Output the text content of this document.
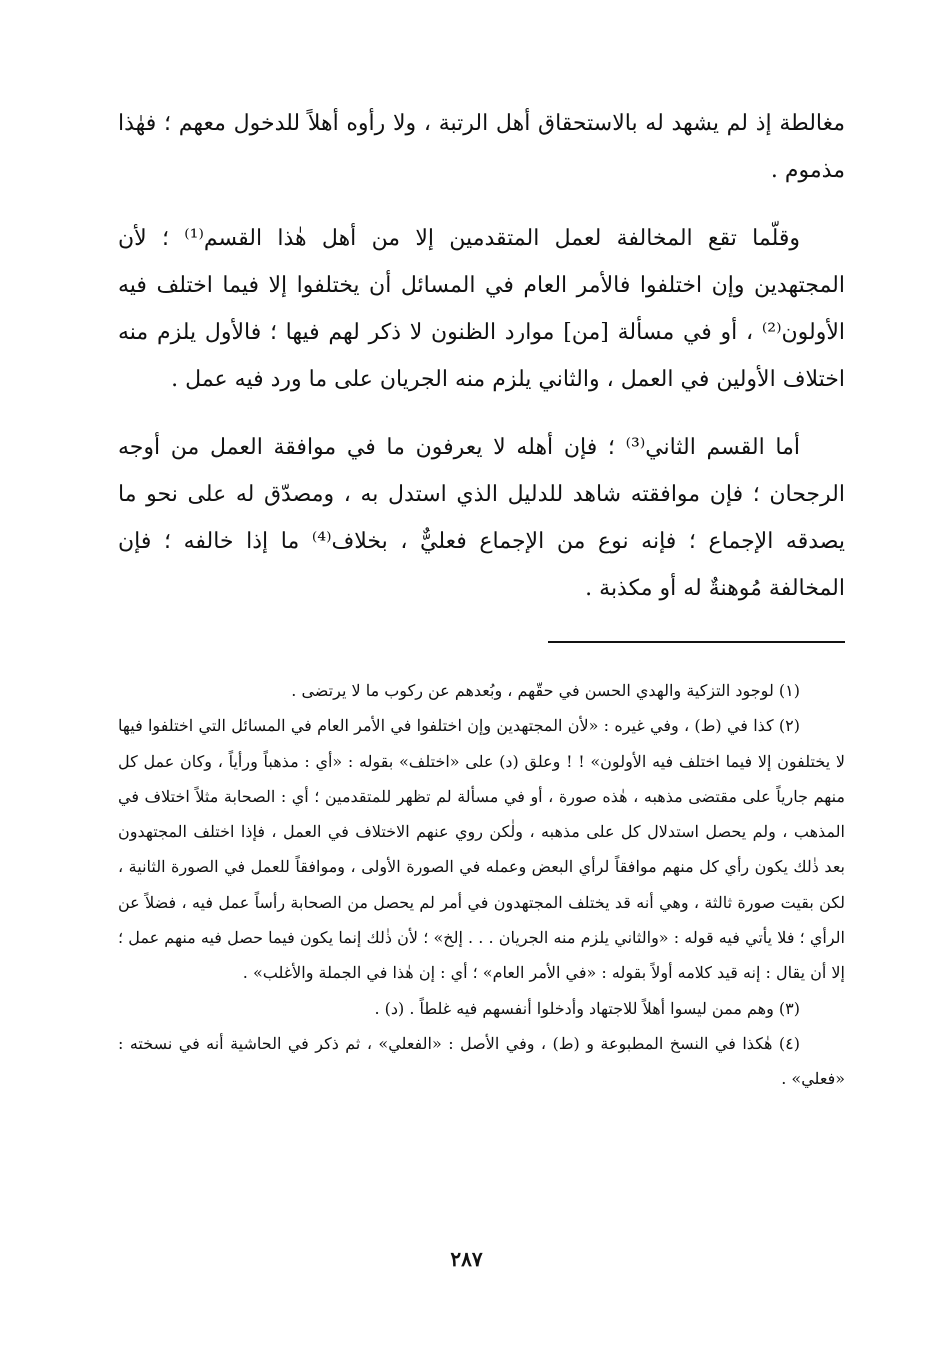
مغالطة إذ لم يشهد له بالاستحقاق أهل الرتبة ، ولا رأوه أهلاً للدخول معهم ؛ فهٰذا مذموم .

وقلّما تقع المخالفة لعمل المتقدمين إلا من أهل هٰذا القسم⁽¹⁾ ؛ لأن المجتهدين وإن اختلفوا فالأمر العام في المسائل أن يختلفوا إلا فيما اختلف فيه الأولون⁽²⁾ ، أو في مسألة [من] موارد الظنون لا ذكر لهم فيها ؛ فالأول يلزم منه اختلاف الأولين في العمل ، والثاني يلزم منه الجريان على ما ورد فيه عمل .

أما القسم الثاني⁽³⁾ ؛ فإن أهله لا يعرفون ما في موافقة العمل من أوجه الرجحان ؛ فإن موافقته شاهد للدليل الذي استدل به ، ومصدّق له على نحو ما يصدقه الإجماع ؛ فإنه نوع من الإجماع فعليٌّ ، بخلاف⁽⁴⁾ ما إذا خالفه ؛ فإن المخالفة مُوهنةٌ له أو مكذبة .

(١) لوجود التزكية والهدي الحسن في حقّهم ، وبُعدهم عن ركوب ما لا يرتضى .

(٢) كذا في (ط) ، وفي غيره : «لأن المجتهدين وإن اختلفوا في الأمر العام في المسائل التي اختلفوا فيها لا يختلفون إلا فيما اختلف فيه الأولون» ! ! وعلق (د) على «اختلف» بقوله : «أي : مذهباً ورأياً ، وكان عمل كل منهم جارياً على مقتضى مذهبه ، هٰذه صورة ، أو في مسألة لم تظهر للمتقدمين ؛ أي : الصحابة مثلاً اختلاف في المذهب ، ولم يحصل استدلال كل على مذهبه ، ولٰكن روي عنهم الاختلاف في العمل ، فإذا اختلف المجتهدون بعد ذٰلك يكون رأي كل منهم موافقاً لرأي البعض وعمله في الصورة الأولى ، وموافقاً للعمل في الصورة الثانية ، لكن بقيت صورة ثالثة ، وهي أنه قد يختلف المجتهدون في أمر لم يحصل من الصحابة رأساً عمل فيه ، فضلاً عن الرأي ؛ فلا يأتي فيه قوله : «والثاني يلزم منه الجريان . . . إلخ» ؛ لأن ذٰلك إنما يكون فيما حصل فيه منهم عمل ؛ إلا أن يقال : إنه قيد كلامه أولاً بقوله : «في الأمر العام» ؛ أي : إن هٰذا في الجملة والأغلب» .

(٣) وهم ممن ليسوا أهلاً للاجتهاد وأدخلوا أنفسهم فيه غلطاً . (د) .

(٤) هٰكذا في النسخ المطبوعة و (ط) ، وفي الأصل : «الفعلي» ، ثم ذكر في الحاشية أنه في نسخته : «فعلي» .

٢٨٧
